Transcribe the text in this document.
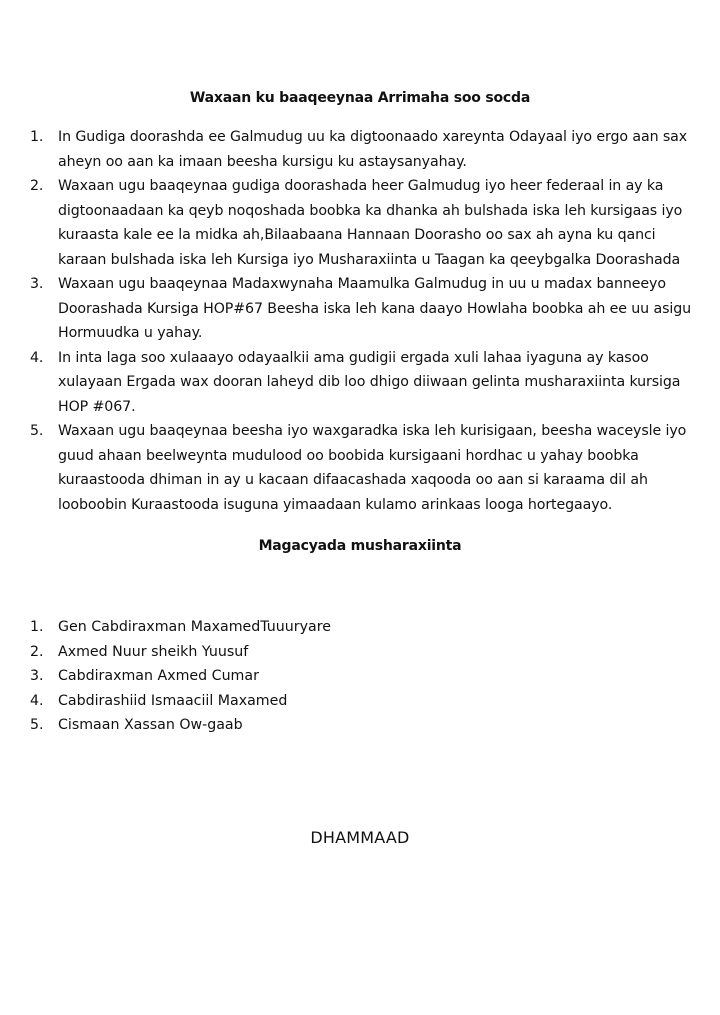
Waxaan ku baaqeeynaa Arrimaha soo socda
1.	In Gudiga doorashda ee Galmudug uu ka digtoonaado xareynta Odayaal iyo ergo aan sax aheyn oo aan ka imaan beesha kursigu ku astaysanyahay.
2.	Waxaan ugu baaqeynaa gudiga doorashada heer Galmudug iyo heer federaal in ay ka digtoonaadaan ka qeyb noqoshada boobka ka dhanka ah bulshada iska leh kursigaas iyo kuraasta kale ee la midka ah,Bilaabaana Hannaan Doorasho oo sax ah ayna ku qanci karaan bulshada iska leh Kursiga iyo Musharaxiinta u Taagan ka qeeybgalka Doorashada
3.	Waxaan ugu baaqeynaa Madaxwynaha Maamulka Galmudug in uu u madax banneeyo Doorashada Kursiga HOP#67 Beesha iska leh kana daayo Howlaha boobka ah ee uu asigu Hormuudka u yahay.
4.	In inta laga soo xulaaayo odayaalkii ama gudigii ergada xuli lahaa iyaguna ay kasoo xulayaan Ergada wax dooran laheyd dib loo dhigo diiwaan gelinta musharaxiinta kursiga HOP #067.
5.	Waxaan ugu baaqeynaa beesha iyo waxgaradka iska leh kurisigaan, beesha waceysle iyo guud ahaan beelweynta mudulood oo boobida kursigaani hordhac u yahay boobka kuraastooda dhiman in ay u kacaan difaacashada xaqooda oo aan si karaama dil ah looboobin Kuraastooda isuguna yimaadaan kulamo arinkaas looga hortegaayo.
Magacyada musharaxiinta
1.	Gen Cabdiraxman MaxamedTuuuryare
2.	Axmed Nuur sheikh Yuusuf
3.	Cabdiraxman Axmed Cumar
4.	Cabdirashiid Ismaaciil Maxamed
5.	Cismaan Xassan Ow-gaab
DHAMMAAD
